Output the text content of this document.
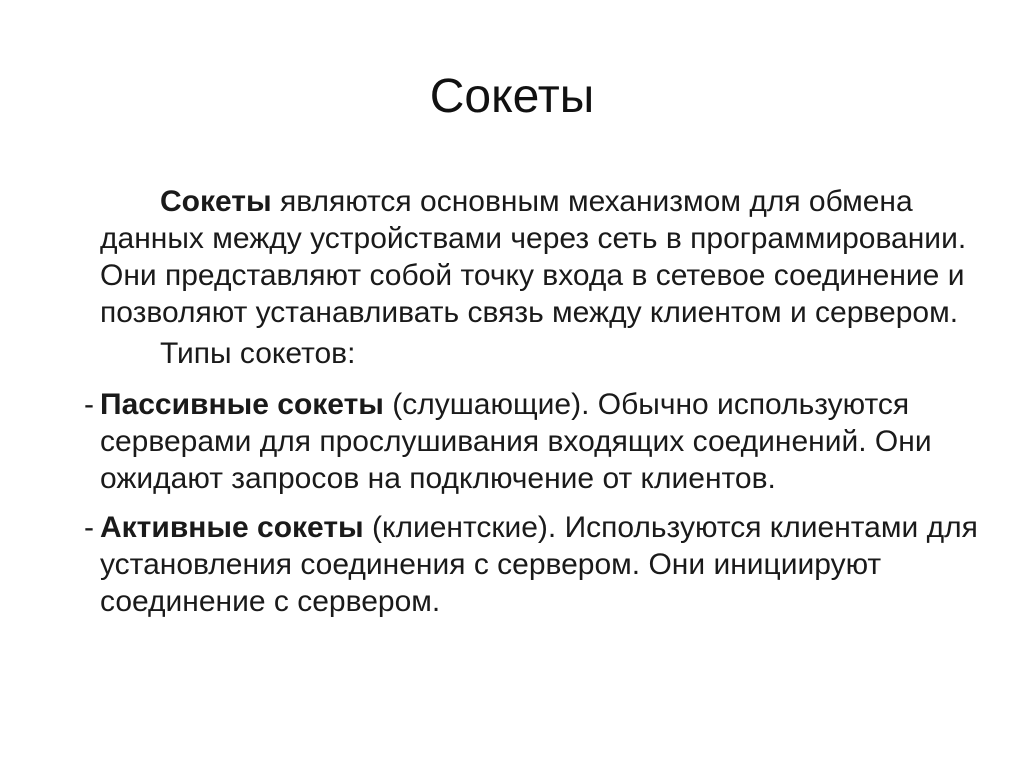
Сокеты

Сокеты являются основным механизмом для обмена данных между устройствами через сеть в программировании. Они представляют собой точку входа в сетевое соединение и позволяют устанавливать связь между клиентом и сервером.

Типы сокетов:

- Пассивные сокеты (слушающие). Обычно используются серверами для прослушивания входящих соединений. Они ожидают запросов на подключение от клиентов.

- Активные сокеты (клиентские). Используются клиентами для установления соединения с сервером. Они инициируют соединение с сервером.
